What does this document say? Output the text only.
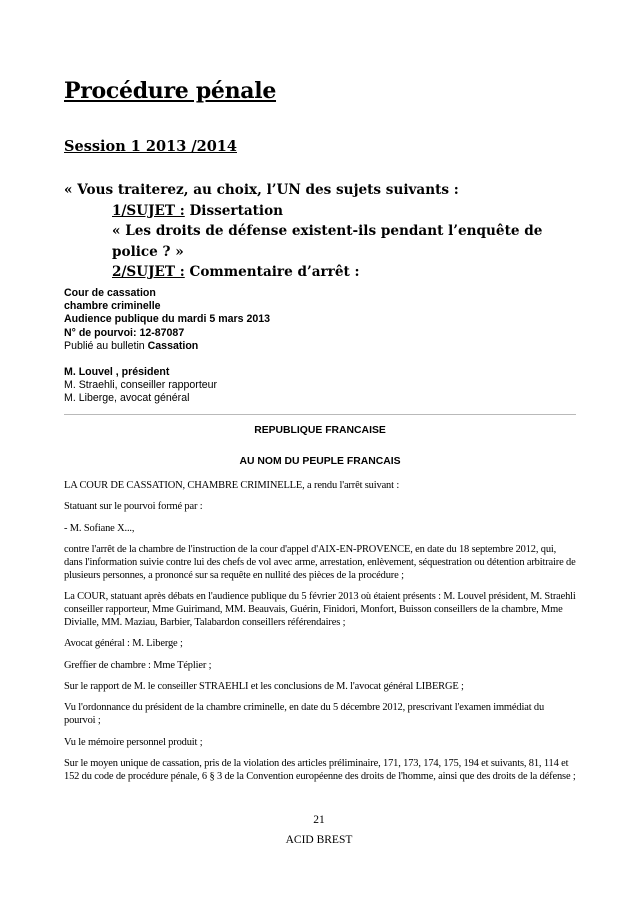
Procédure pénale
Session 1 2013 /2014
« Vous traiterez, au choix, l’UN des sujets suivants :
1/SUJET : Dissertation
« Les droits de défense existent-ils pendant l’enquête de
police ? »
2/SUJET : Commentaire d’arrêt :
Cour de cassation
chambre criminelle
Audience publique du mardi 5 mars 2013
N° de pourvoi: 12-87087
Publié au bulletin Cassation
M. Louvel , président
M. Straehli, conseiller rapporteur
M. Liberge, avocat général
REPUBLIQUE FRANCAISE
AU NOM DU PEUPLE FRANCAIS

LA COUR DE CASSATION, CHAMBRE CRIMINELLE, a rendu l'arrêt suivant :

Statuant sur le pourvoi formé par :

- M. Sofiane X...,

contre l'arrêt de la chambre de l'instruction de la cour d'appel d'AIX-EN-PROVENCE, en date du 18 septembre 2012, qui, dans l'information suivie contre lui des chefs de vol avec arme, arrestation, enlèvement, séquestration ou détention arbitraire de plusieurs personnes, a prononcé sur sa requête en nullité des pièces de la procédure ;

La COUR, statuant après débats en l'audience publique du 5 février 2013 où étaient présents : M. Louvel président, M. Straehli conseiller rapporteur, Mme Guirimand, MM. Beauvais, Guérin, Finidori, Monfort, Buisson conseillers de la chambre, Mme Divialle, MM. Maziau, Barbier, Talabardon conseillers référendaires ;

Avocat général : M. Liberge ;

Greffier de chambre : Mme Téplier ;

Sur le rapport de M. le conseiller STRAEHLI et les conclusions de M. l'avocat général LIBERGE ;

Vu l'ordonnance du président de la chambre criminelle, en date du 5 décembre 2012, prescrivant l'examen immédiat du pourvoi ;

Vu le mémoire personnel produit ;

Sur le moyen unique de cassation, pris de la violation des articles préliminaire, 171, 173, 174, 175, 194 et suivants, 81, 114 et 152 du code de procédure pénale, 6 § 3 de la Convention européenne des droits de l'homme, ainsi que des droits de la défense ;

21
ACID BREST
